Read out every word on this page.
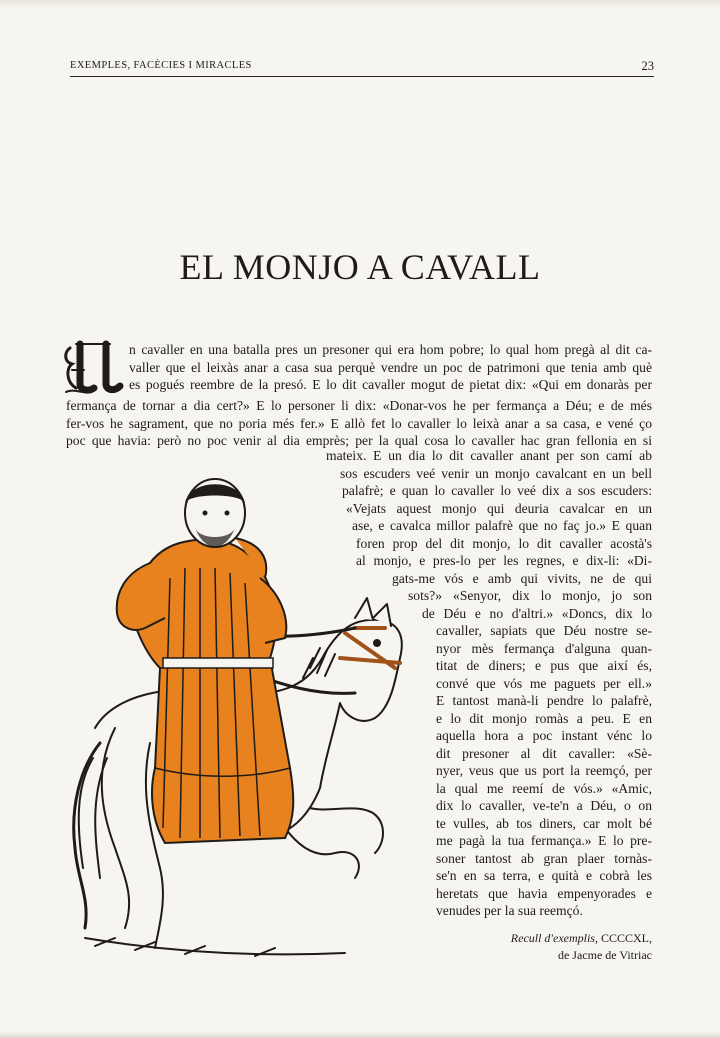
EXEMPLES, FACÈCIES I MIRACLES	23
EL MONJO A CAVALL
n cavaller en una batalla pres un presoner qui era hom pobre; lo qual hom pregà al dit ca-
valler que el leixàs anar a casa sua perquè vendre un poc de patrimoni que tenia amb què
es pogués reembre de la presó. E lo dit cavaller mogut de pietat dix: «Qui em donaràs per
fermança de tornar a dia cert?» E lo personer li dix: «Donar-vos he per fermança a Déu; e de més
fer-vos he sagrament, que no poria més fer.» E allò fet lo cavaller lo leixà anar a sa casa, e vené ço
poc que havia: però no poc venir al dia emprès; per la qual cosa lo cavaller hac gran fellonia en si
mateix. E un dia lo dit cavaller anant per son camí ab
sos escuders veé venir un monjo cavalcant en un bell
palafrè; e quan lo cavaller lo veé dix a sos escuders:
«Vejats aquest monjo qui deuria cavalcar en un
ase, e cavalca millor palafrè que no faç jo.» E quan
foren prop del dit monjo, lo dit cavaller acostà's
al monjo, e pres-lo per les regnes, e dix-li: «Di-
gats-me vós e amb qui vivits, ne de qui
sots?» «Senyor, dix lo monjo, jo son
de Déu e no d'altri.» «Doncs, dix lo
cavaller, sapiats que Déu nostre se-
nyor mès fermança d'alguna quan-
titat de diners; e pus que així és,
convé que vós me paguets per ell.»
E tantost manà-li pendre lo palafrè,
e lo dit monjo romàs a peu. E en
aquella hora a poc instant vénc lo
dit presoner al dit cavaller: «Sè-
nyer, veus que us port la reemçó, per
la qual me reemí de vós.» «Amic,
dix lo cavaller, ve-te'n a Déu, o on
te vulles, ab tos diners, car molt bé
me pagà la tua fermança.» E lo pre-
soner tantost ab gran plaer tornàs-
se'n en sa terra, e quità e cobrà les
heretats que havia empenyorades e
venudes per la sua reemçó.
Recull d'exemplis, CCCCXL,
de Jacme de Vitriac
